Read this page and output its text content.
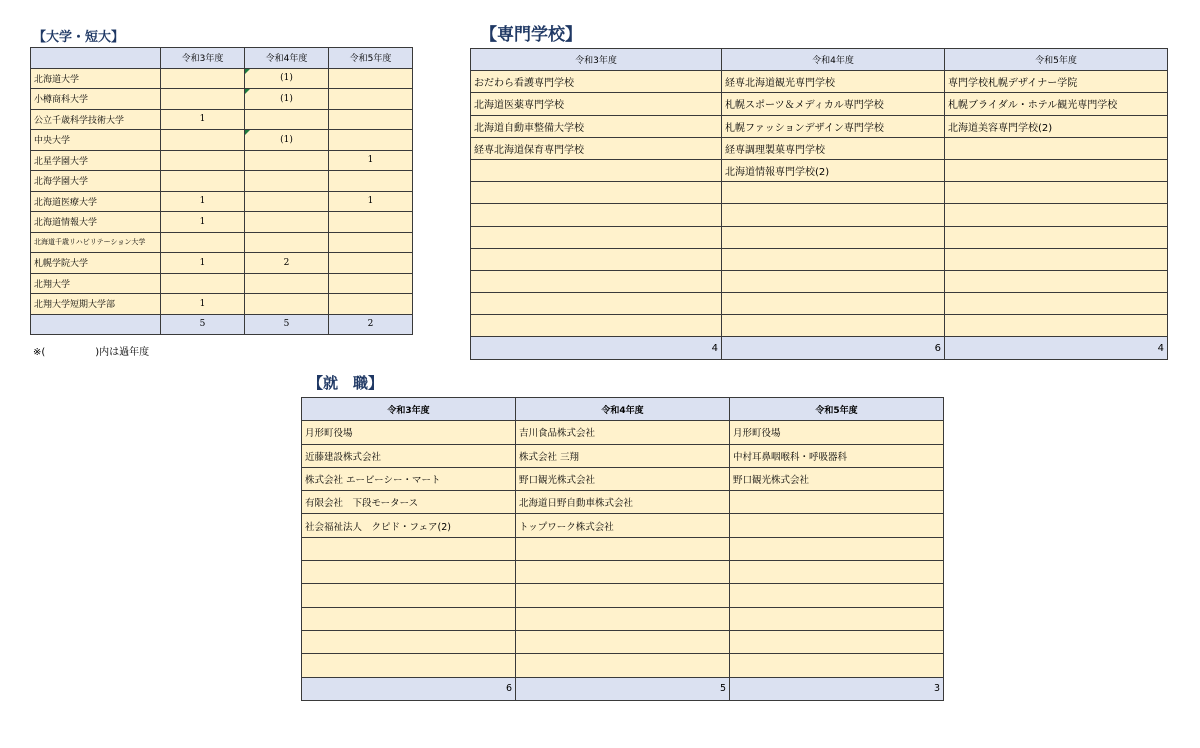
【大学・短大】
	令和3年度	令和4年度	令和5年度
北海道大学		(1)	
小樽商科大学		(1)	
公立千歳科学技術大学	1		
中央大学		(1)	
北星学園大学			1
北海学園大学			
北海道医療大学	1		1
北海道情報大学	1		
北海道千歳リハビリテーション大学			
札幌学院大学	1	2	
北翔大学			
北翔大学短期大学部	1		
	5	5	2
※(　　　　　)内は過年度
【専門学校】
令和3年度	令和4年度	令和5年度
おだわら看護専門学校	経専北海道観光専門学校	専門学校札幌デザイナー学院
北海道医薬専門学校	札幌スポーツ＆メディカル専門学校	札幌ブライダル・ホテル観光専門学校
北海道自動車整備大学校	札幌ファッションデザイン専門学校	北海道美容専門学校(2)
経専北海道保育専門学校	経専調理製菓専門学校	
	北海道情報専門学校(2)	

4	6	4
【就　職】
令和3年度	令和4年度	令和5年度
月形町役場	吉川食品株式会社	月形町役場
近藤建設株式会社	株式会社 三翔	中村耳鼻咽喉科・呼吸器科
株式会社 エービーシー・マート	野口観光株式会社	野口観光株式会社
有限会社　下段モータース	北海道日野自動車株式会社	
社会福祉法人　クピド・フェア(2)	トップワーク株式会社	

6	5	3
